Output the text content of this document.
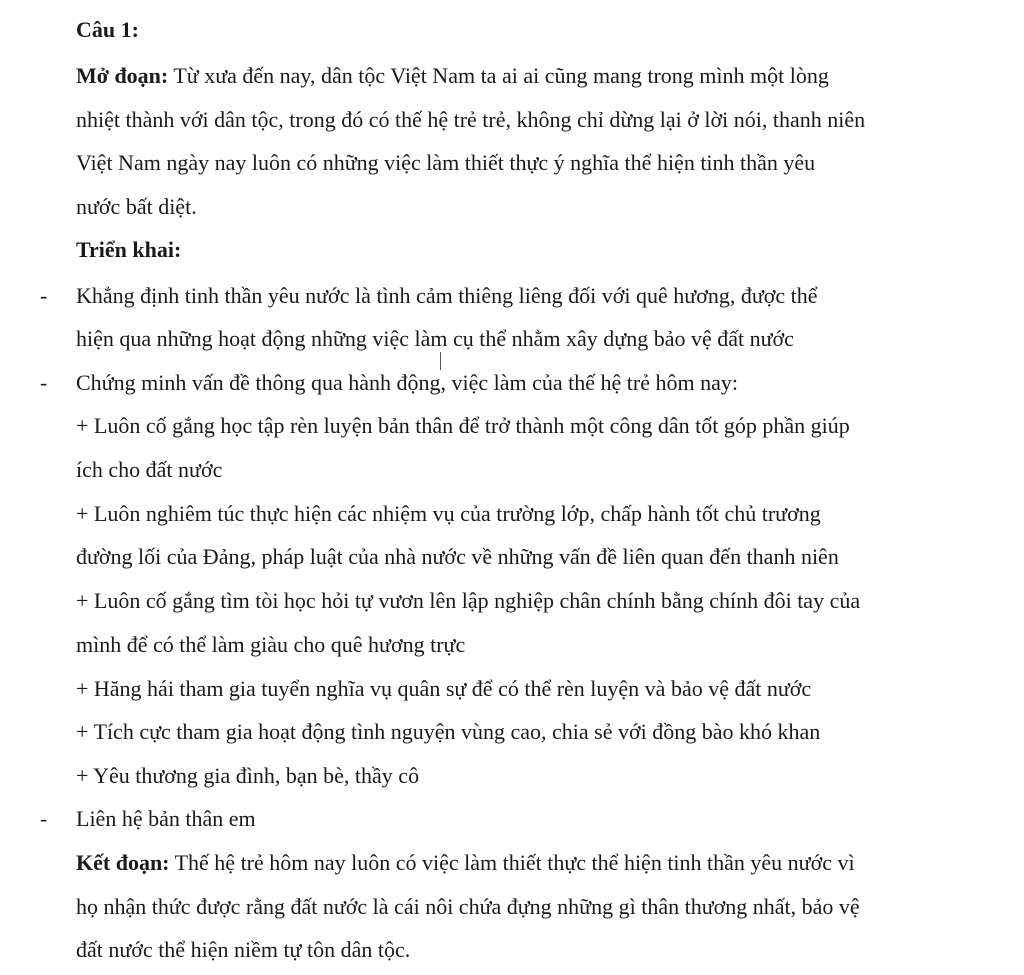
Câu 1:
Mở đoạn: Từ xưa đến nay, dân tộc Việt Nam ta ai ai cũng mang trong mình một lòng
nhiệt thành với dân tộc, trong đó có thế hệ trẻ trẻ, không chỉ dừng lại ở lời nói, thanh niên
Việt Nam ngày nay luôn có những việc làm thiết thực ý nghĩa thể hiện tinh thần yêu
nước bất diệt.
Triển khai:
- Khẳng định tinh thần yêu nước là tình cảm thiêng liêng đối với quê hương, được thể
hiện qua những hoạt động những việc làm cụ thể nhằm xây dựng bảo vệ đất nước
- Chứng minh vấn đề thông qua hành động, việc làm của thế hệ trẻ hôm nay:
+ Luôn cố gắng học tập rèn luyện bản thân để trở thành một công dân tốt góp phần giúp
ích cho đất nước
+ Luôn nghiêm túc thực hiện các nhiệm vụ của trường lớp, chấp hành tốt chủ trương
đường lối của Đảng, pháp luật của nhà nước về những vấn đề liên quan đến thanh niên
+ Luôn cố gắng tìm tòi học hỏi tự vươn lên lập nghiệp chân chính bằng chính đôi tay của
mình để có thể làm giàu cho quê hương trực
+ Hăng hái tham gia tuyển nghĩa vụ quân sự để có thể rèn luyện và bảo vệ đất nước
+ Tích cực tham gia hoạt động tình nguyện vùng cao, chia sẻ với đồng bào khó khan
+ Yêu thương gia đình, bạn bè, thầy cô
- Liên hệ bản thân em
Kết đoạn: Thế hệ trẻ hôm nay luôn có việc làm thiết thực thể hiện tinh thần yêu nước vì
họ nhận thức được rằng đất nước là cái nôi chứa đựng những gì thân thương nhất, bảo vệ
đất nước thể hiện niềm tự tôn dân tộc.
